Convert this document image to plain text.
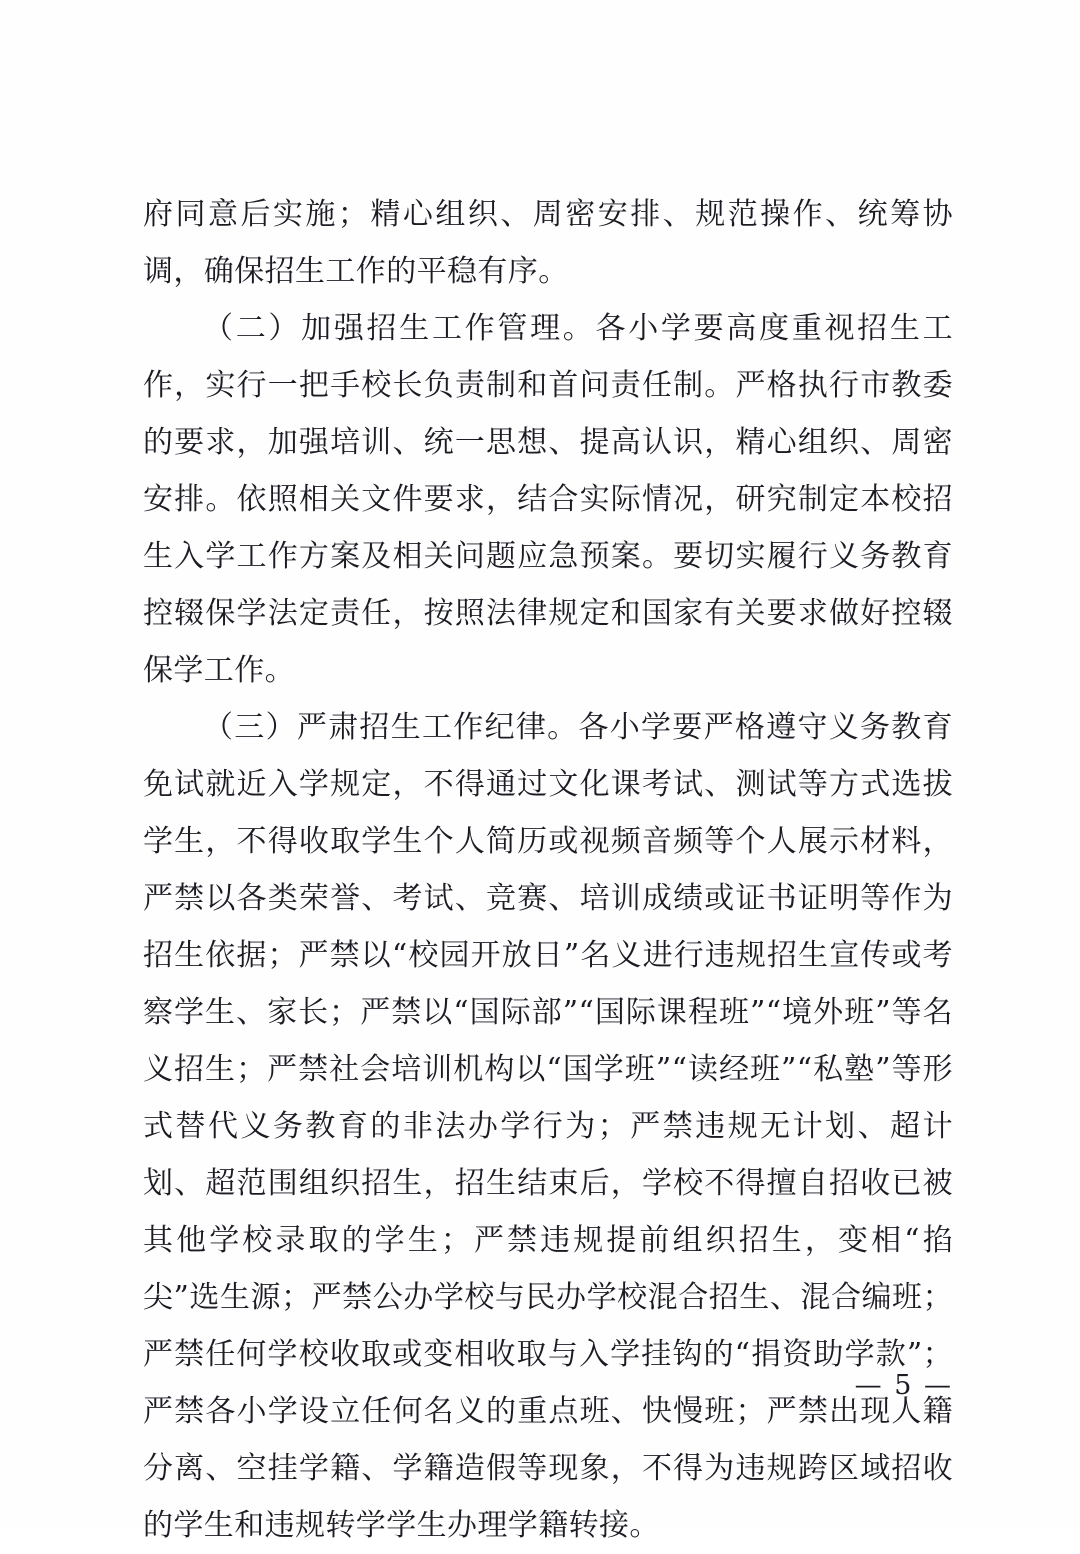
府同意后实施；精心组织、周密安排、规范操作、统筹协调，确保招生工作的平稳有序。

（二）加强招生工作管理。各小学要高度重视招生工作，实行一把手校长负责制和首问责任制。严格执行市教委的要求，加强培训、统一思想、提高认识，精心组织、周密安排。依照相关文件要求，结合实际情况，研究制定本校招生入学工作方案及相关问题应急预案。要切实履行义务教育控辍保学法定责任，按照法律规定和国家有关要求做好控辍保学工作。

（三）严肃招生工作纪律。各小学要严格遵守义务教育免试就近入学规定，不得通过文化课考试、测试等方式选拔学生，不得收取学生个人简历或视频音频等个人展示材料，严禁以各类荣誉、考试、竞赛、培训成绩或证书证明等作为招生依据；严禁以“校园开放日”名义进行违规招生宣传或考察学生、家长；严禁以“国际部”“国际课程班”“境外班”等名义招生；严禁社会培训机构以“国学班”“读经班”“私塾”等形式替代义务教育的非法办学行为；严禁违规无计划、超计划、超范围组织招生，招生结束后，学校不得擅自招收已被其他学校录取的学生；严禁违规提前组织招生，变相“掐尖”选生源；严禁公办学校与民办学校混合招生、混合编班；严禁任何学校收取或变相收取与入学挂钩的“捐资助学款”；严禁各小学设立任何名义的重点班、快慢班；严禁出现人籍分离、空挂学籍、学籍造假等现象，不得为违规跨区域招收的学生和违规转学学生办理学籍转接。

— 5 —
